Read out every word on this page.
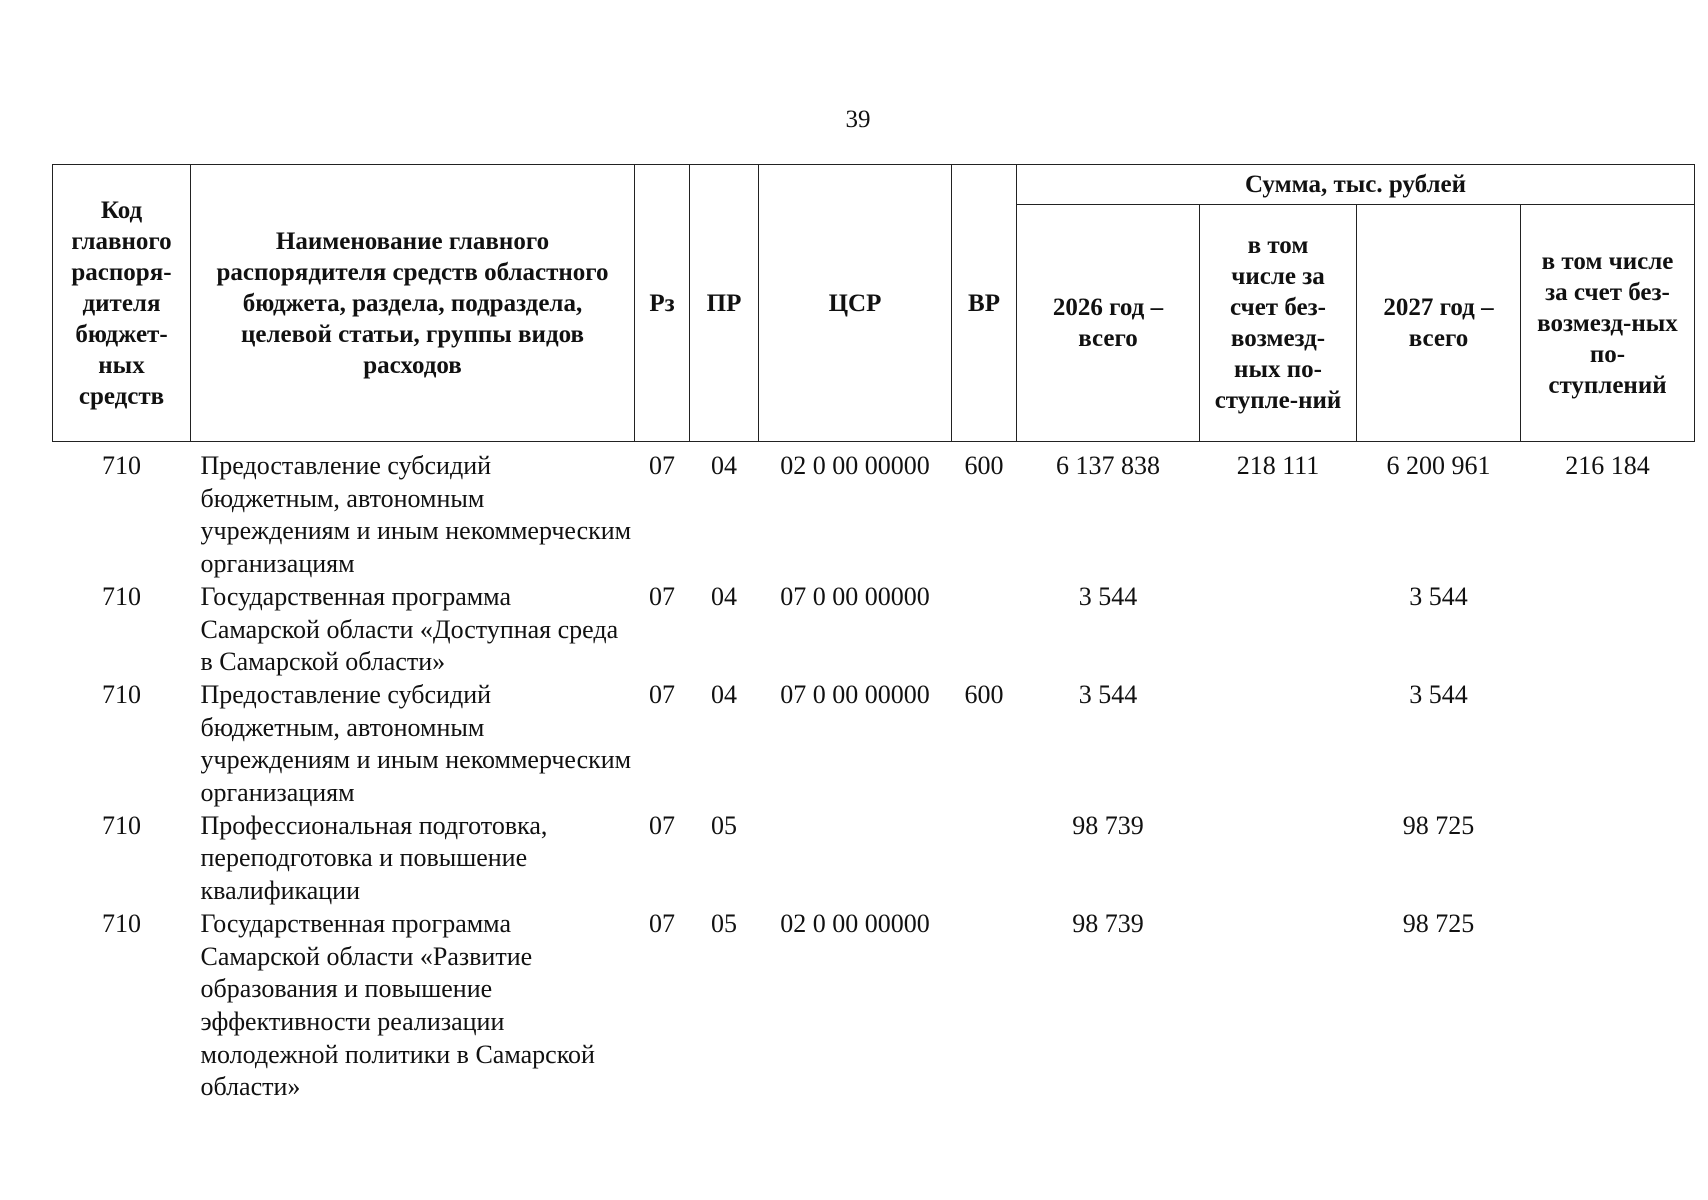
39
Код главного распоря-дителя бюджет-ных средств	Наименование главного распорядителя средств областного бюджета, раздела, подраздела, целевой статьи, группы видов расходов	Рз	ПР	ЦСР	ВР	Сумма, тыс. рублей			
						2026 год – всего	в том числе за счет без-возмезд-ных по-ступле-ний	2027 год – всего	в том числе за счет без-возмезд-ных по-ступлений
710	Предоставление субсидий бюджетным, автономным учреждениям и иным некоммерческим организациям	07	04	02 0 00 00000	600	6 137 838	218 111	6 200 961	216 184
710	Государственная программа Самарской области «Доступная среда в Самарской области»	07	04	07 0 00 00000		3 544		3 544	
710	Предоставление субсидий бюджетным, автономным учреждениям и иным некоммерческим организациям	07	04	07 0 00 00000	600	3 544		3 544	
710	Профессиональная подготовка, переподготовка и повышение квалификации	07	05			98 739		98 725	
710	Государственная программа Самарской области «Развитие образования и повышение эффективности реализации молодежной политики в Самарской области»	07	05	02 0 00 00000		98 739		98 725	
